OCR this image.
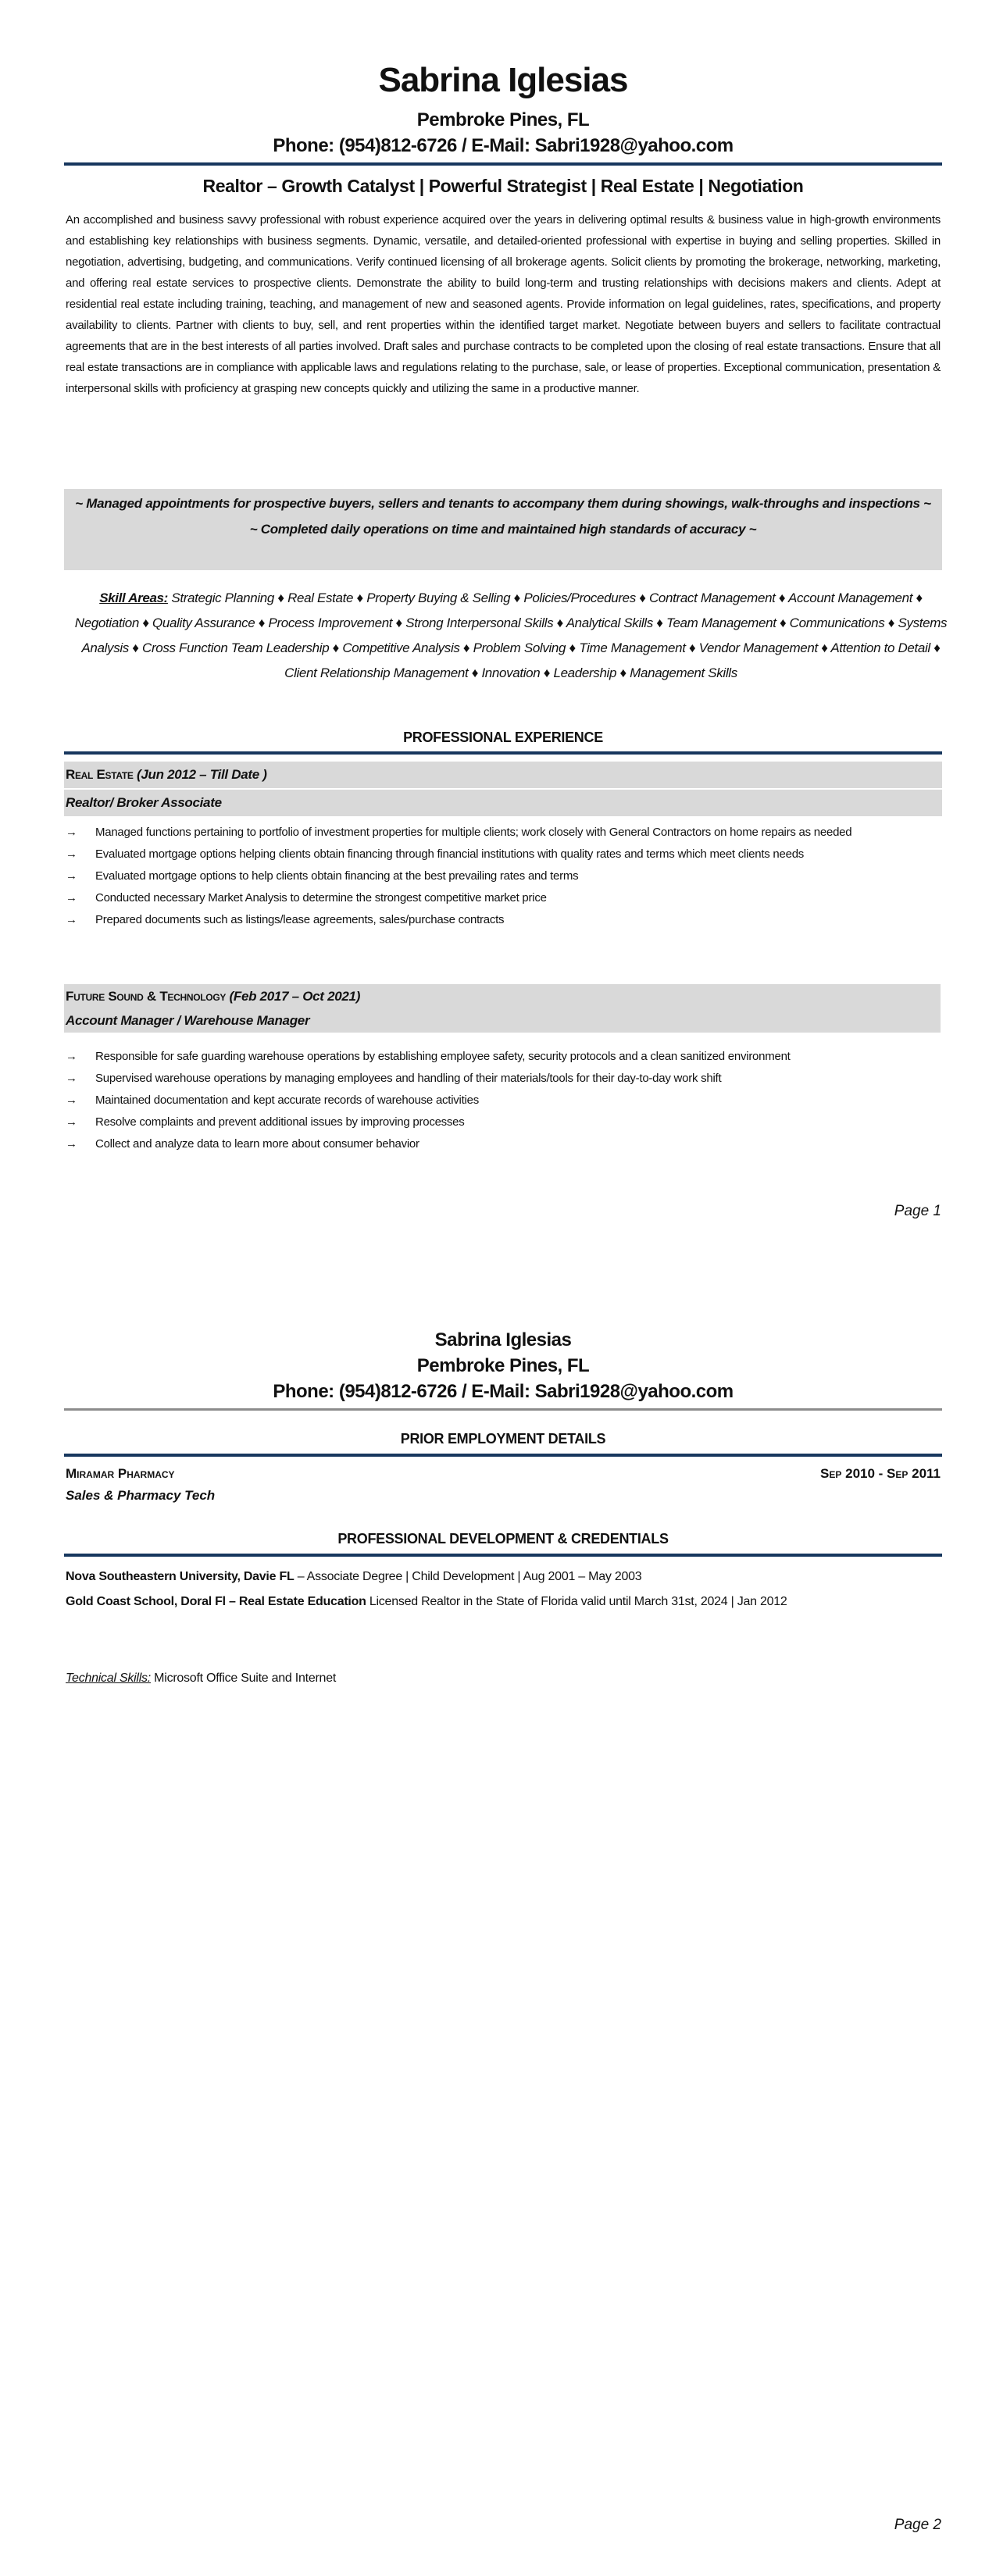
Sabrina Iglesias
Pembroke Pines, FL
Phone: (954)812-6726 / E-Mail: Sabri1928@yahoo.com
Realtor – Growth Catalyst | Powerful Strategist | Real Estate | Negotiation
An accomplished and business savvy professional with robust experience acquired over the years in delivering optimal results & business value in high-growth environments and establishing key relationships with business segments. Dynamic, versatile, and detailed-oriented professional with expertise in buying and selling properties. Skilled in negotiation, advertising, budgeting, and communications. Verify continued licensing of all brokerage agents. Solicit clients by promoting the brokerage, networking, marketing, and offering real estate services to prospective clients. Demonstrate the ability to build long-term and trusting relationships with decisions makers and clients. Adept at residential real estate including training, teaching, and management of new and seasoned agents. Provide information on legal guidelines, rates, specifications, and property availability to clients. Partner with clients to buy, sell, and rent properties within the identified target market. Negotiate between buyers and sellers to facilitate contractual agreements that are in the best interests of all parties involved. Draft sales and purchase contracts to be completed upon the closing of real estate transactions. Ensure that all real estate transactions are in compliance with applicable laws and regulations relating to the purchase, sale, or lease of properties. Exceptional communication, presentation & interpersonal skills with proficiency at grasping new concepts quickly and utilizing the same in a productive manner.
~ Managed appointments for prospective buyers, sellers and tenants to accompany them during showings, walk-throughs and inspections ~
~ Completed daily operations on time and maintained high standards of accuracy ~
Skill Areas: Strategic Planning ♦ Real Estate ♦ Property Buying & Selling ♦ Policies/Procedures ♦ Contract Management ♦ Account Management ♦ Negotiation ♦ Quality Assurance ♦ Process Improvement ♦ Strong Interpersonal Skills ♦ Analytical Skills ♦ Team Management ♦ Communications ♦ Systems Analysis ♦ Cross Function Team Leadership ♦ Competitive Analysis ♦ Problem Solving ♦ Time Management ♦ Vendor Management ♦ Attention to Detail ♦ Client Relationship Management ♦ Innovation ♦ Leadership ♦ Management Skills
PROFESSIONAL EXPERIENCE
Real Estate (Jun 2012 – Till Date )
Realtor/ Broker Associate
→ Managed functions pertaining to portfolio of investment properties for multiple clients; work closely with General Contractors on home repairs as needed
→ Evaluated mortgage options helping clients obtain financing through financial institutions with quality rates and terms which meet clients needs
→ Evaluated mortgage options to help clients obtain financing at the best prevailing rates and terms
→ Conducted necessary Market Analysis to determine the strongest competitive market price
→ Prepared documents such as listings/lease agreements, sales/purchase contracts
Future Sound & Technology (Feb 2017 – Oct 2021)
Account Manager / Warehouse Manager
→ Responsible for safe guarding warehouse operations by establishing employee safety, security protocols and a clean sanitized environment
→ Supervised warehouse operations by managing employees and handling of their materials/tools for their day-to-day work shift
→ Maintained documentation and kept accurate records of warehouse activities
→ Resolve complaints and prevent additional issues by improving processes
→ Collect and analyze data to learn more about consumer behavior
Page 1
Sabrina Iglesias
Pembroke Pines, FL
Phone: (954)812-6726 / E-Mail: Sabri1928@yahoo.com
PRIOR EMPLOYMENT DETAILS
Miramar Pharmacy	Sep 2010 - Sep 2011
Sales & Pharmacy Tech
PROFESSIONAL DEVELOPMENT & CREDENTIALS
Nova Southeastern University, Davie FL – Associate Degree | Child Development | Aug 2001 – May 2003
Gold Coast School, Doral Fl – Real Estate Education Licensed Realtor in the State of Florida valid until March 31st, 2024 | Jan 2012
Technical Skills: Microsoft Office Suite and Internet
Page 2
